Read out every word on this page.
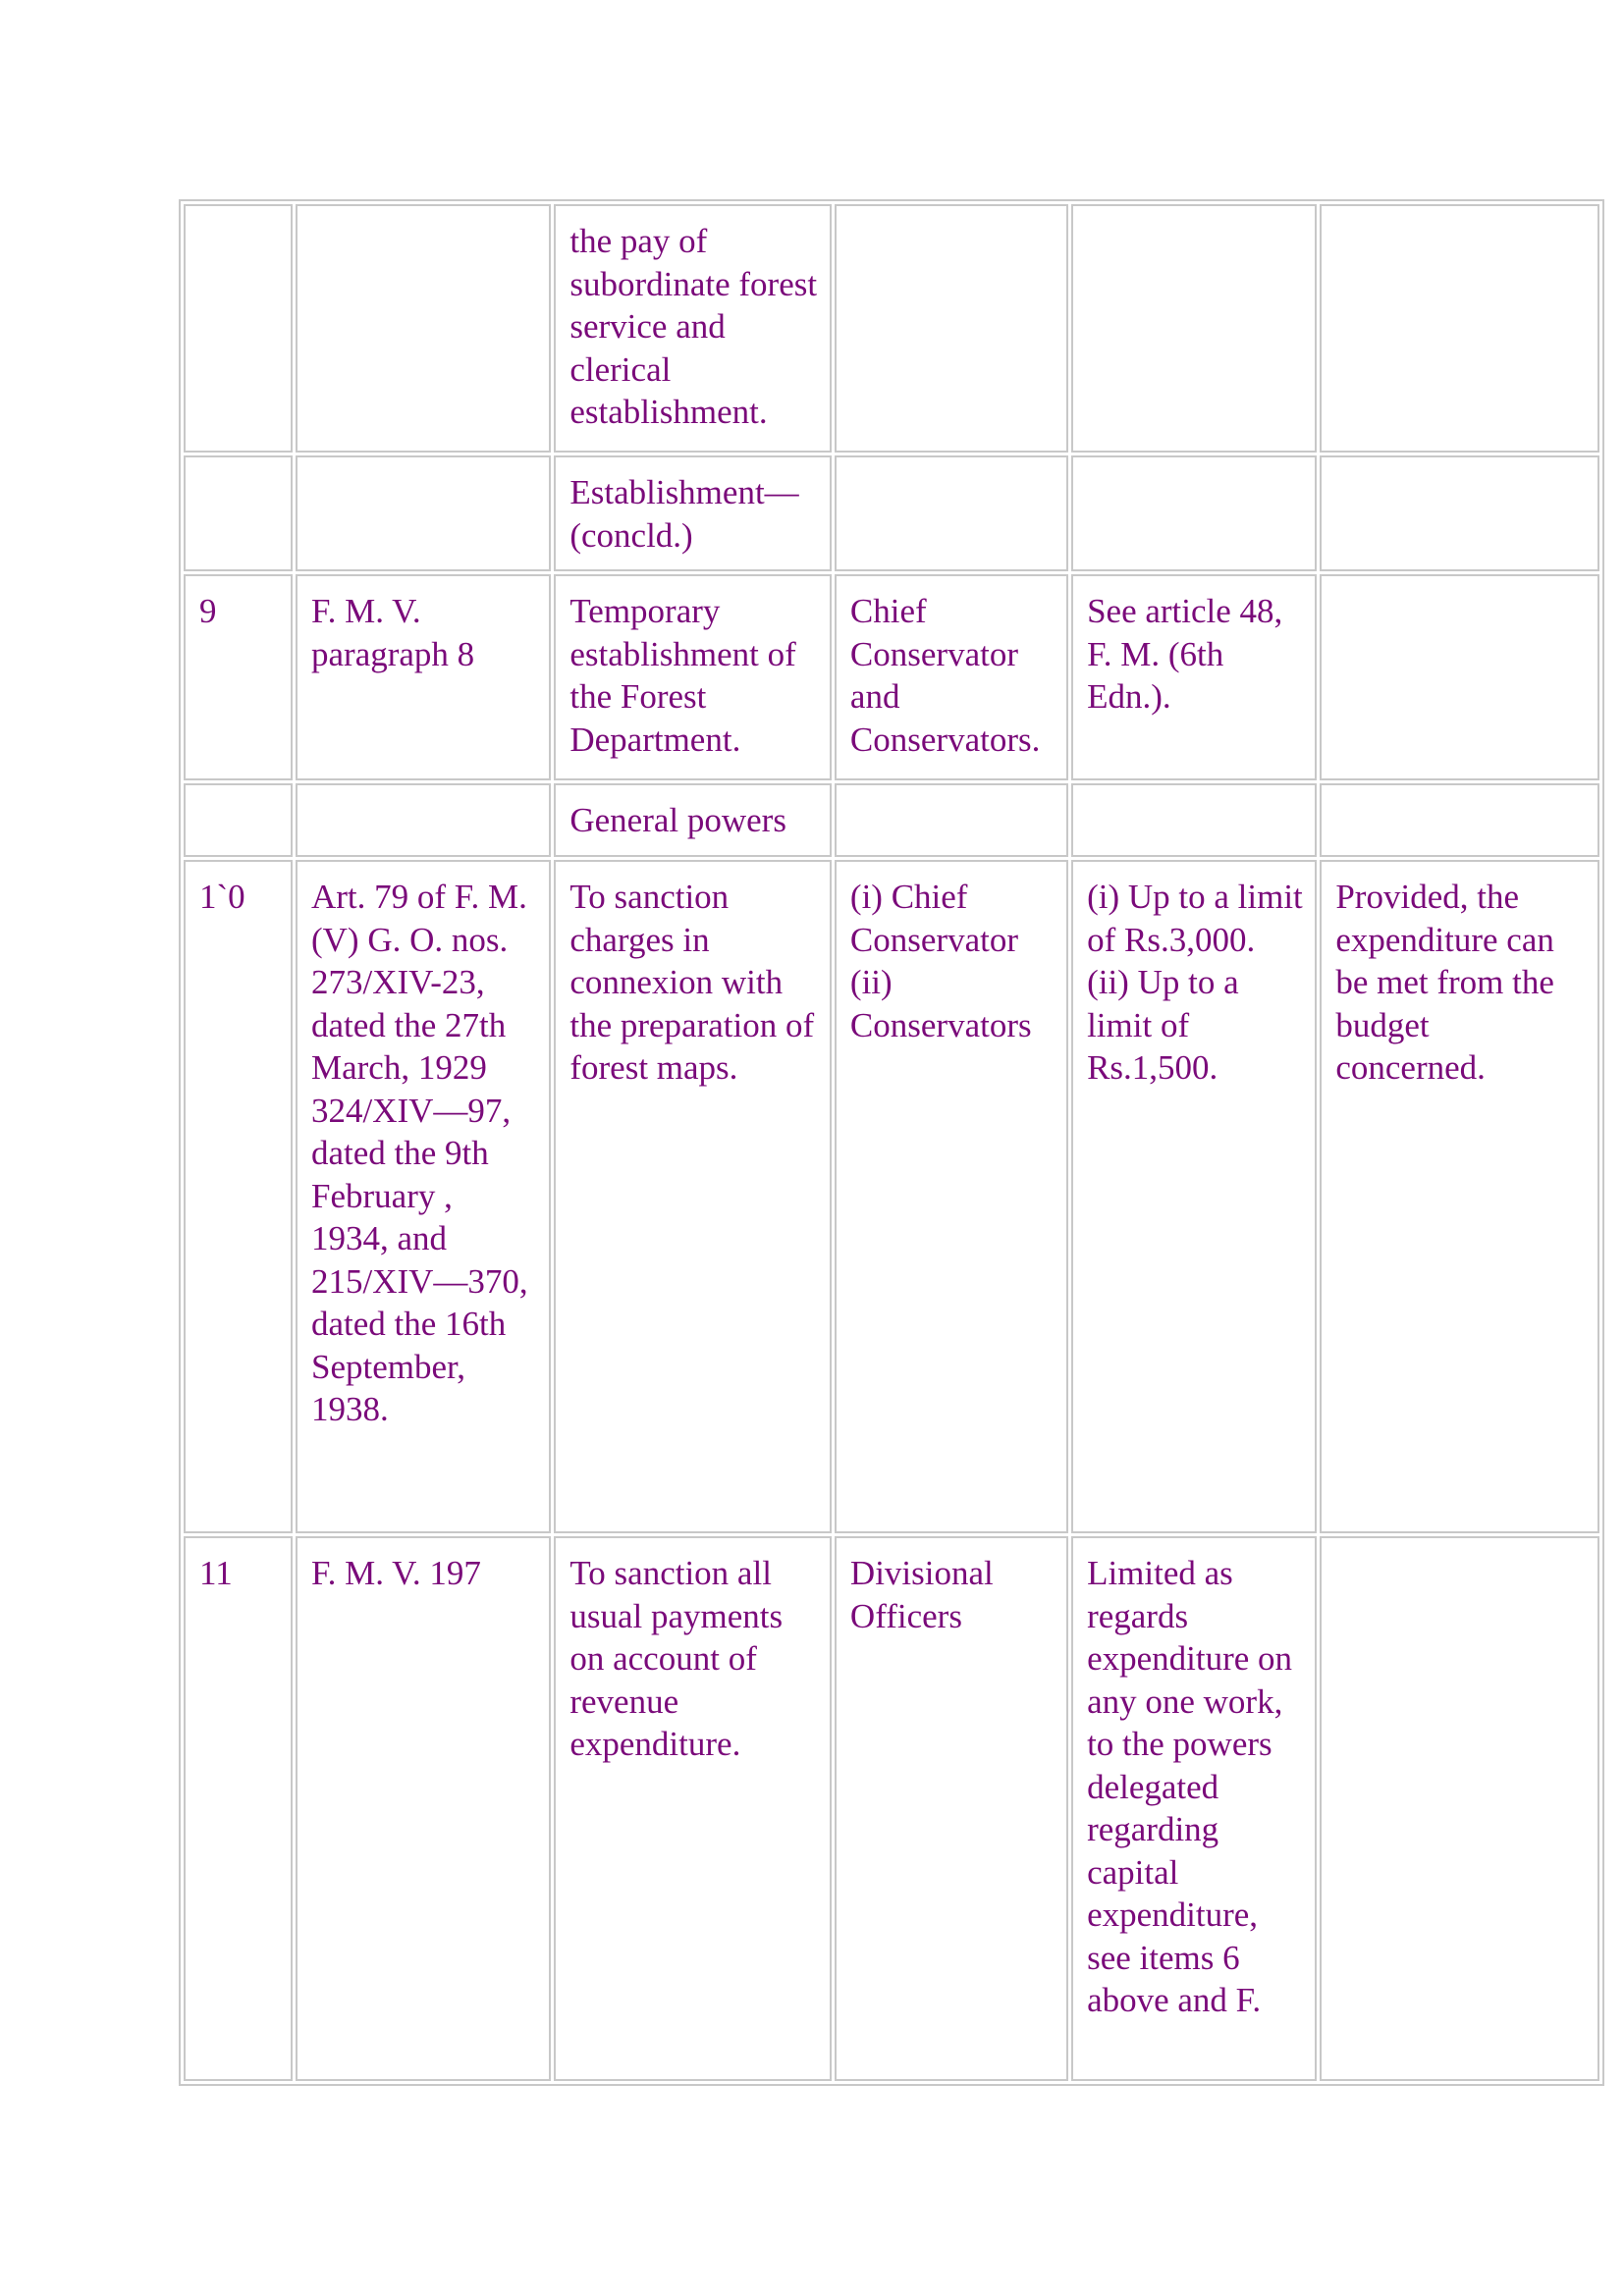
		the pay of subordinate forest service and clerical establishment.			

		Establishment— (concld.)			

9	F. M. V. paragraph 8	Temporary establishment of the Forest Department.	Chief Conservator and Conservators.	See article 48, F. M. (6th Edn.).	

		General powers			

1`0	Art. 79 of F. M. (V) G. O. nos. 273/XIV-23, dated the 27th March, 1929 324/XIV—97, dated the 9th February , 1934, and 215/XIV—370, dated the 16th September, 1938.	To sanction charges in connexion with the preparation of forest maps.	(i) Chief Conservator (ii) Conservators	(i) Up to a limit of Rs.3,000. (ii) Up to a limit of Rs.1,500.	Provided, the expenditure can be met from the budget concerned.

11	F. M. V. 197	To sanction all usual payments on account of revenue expenditure.	Divisional Officers	Limited as regards expenditure on any one work, to the powers delegated regarding capital expenditure, see items 6 above and F.	
